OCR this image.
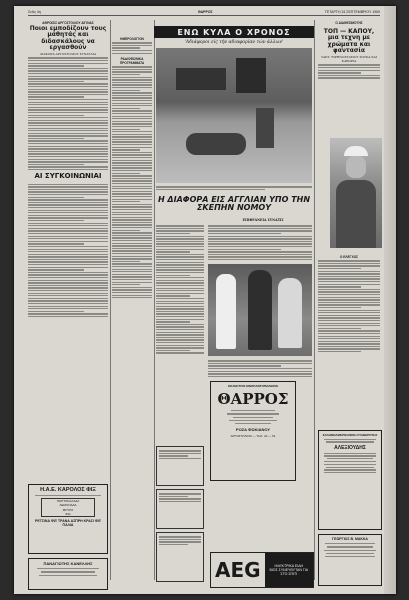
Σελίς 4η	ΘΑΡΡΟΣ	ΤΕΤΑΡΤΗ 24 ΣΕΠΤΕΜΒΡΙΟΥ 1969
ΑΘΡΟΙΣΙΣ ΑΡΓΟΣΤΟΛΙΟΥ ΑΙΓΙΝΑΣ
Ποιοι εμποδίζουν τους μαθητάς και διδασκάλους να εργασθούν
ΔΙΑΦΟΡΑ ΑΡΓΟΣΤΟΛΙΟΥ ΣΥΝΑΥΛΙΑ
ΑΙ ΣΥΓΚΟΙΝΩΝΙΑΙ
Η.Α.Ε. ΚΑΡΟΛΟΣ ΦΙΞ
ΠΟΡΤΟΚΑΛΑΔΑ
ΛΕΜΟΝΑΔΑ
ΜΠΥΡΑ
ΦΙΞ
ΡΕΤΣΙΝΑ ΦΙΞ ΤΡΑΝΑ ΑΣΠΡΗ ΚΡΑΣΙ ΦΙΞ ΠΑΛΙΑ
ΠΑΝΑΓΙΩΤΗΣ ΚΑΝΕΛΛΗΣ
ΗΜΕΡΟΛΟΓΙΟΝ
ΡΑΔΙΟΦΩΝΙΚΑ ΠΡΟΓΡΑΜΜΑΤΑ
ΕΝΩ ΚΥΛΑ Ο ΧΡΟΝΟΣ
'Αδιάφοροι είς τήν αδιαφορίαν τών άλλων'
Η ΔΙΑΦΟΡΑ ΕΙΣ ΑΓΓΛΙΑΝ ΥΠΟ ΤΗΝ ΣΚΕΠΗΝ ΝΟΜΟΥ
ΕΠΙΦΡΑΝΕΙΑ ΣΥΝΑΞΙΣ
ΕΚΛΕΚΤΟΝ ΟΙΝΟΠΑΝΤΟΠΩΛΕΙΟΝ
ΘΑΡΡΟΣ
ΡΟΖΑ ΦΩΚΙΑΝΟΥ
ΑΡΓΟΣΤΟΛΙΟΝ — ΤΗΛ. 22 — 51
AEG	ΗΛΕΚΤΡΙΚΑ ΕΙΔΗ
ΒΙΟΣ ΣΥΝΕΥΘΥΤΑΝ ΓΙΑ ΣΤΟ ΣΠΙΤΙ
Ο ΔΙΑΘΕΣΙΜΟΤΗΣ
ΤΟΠ — ΚΑΠΟΥ, μια τεχνη με χρώματα και φαντασία
ΤΑΚΤ. ΕΙΡΗΝΟΣΤΑΣΙΟΥ ΣΟΥΚΑ ΚΑΙ ΦΑΒΟΡΙΑ
Ο ΕΛΕΓΧΟΣ
ΕΛΛΗΝΟΑΜΕΡΙΚΑΝΙΚΗ ΣΤΑΘΕΡΟΤΗΣ
ΑΛΕΞΙΟΥΔΗΣ
ΓΕΩΡΓΙΟΣ Β. ΜΑΚΚΑ
